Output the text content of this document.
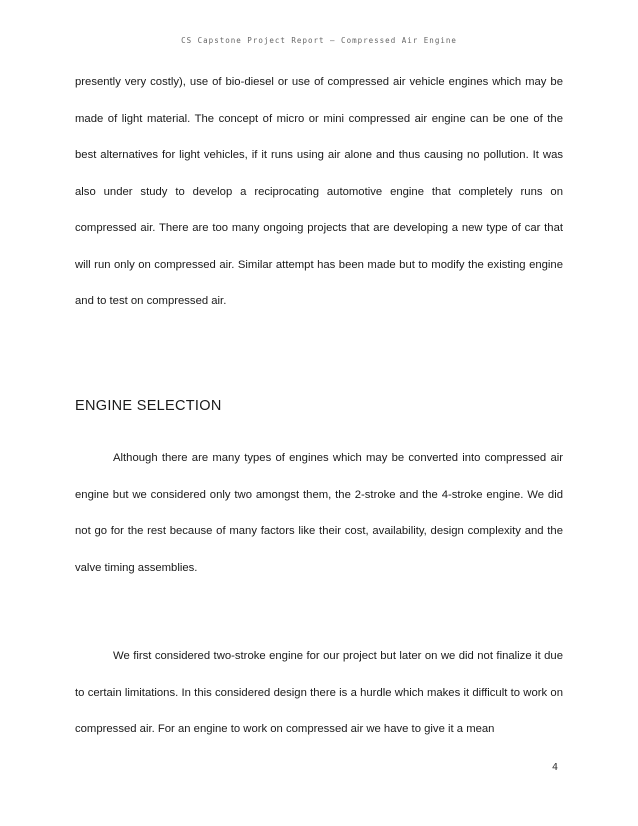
CS Capstone Project Report — Compressed Air Engine

presently very costly), use of bio-diesel or use of compressed air vehicle engines which may be made of light material. The concept of micro or mini compressed air engine can be one of the best alternatives for light vehicles, if it runs using air alone and thus causing no pollution. It was also under study to develop a reciprocating automotive engine that completely runs on compressed air. There are too many ongoing projects that are developing a new type of car that will run only on compressed air. Similar attempt has been made but to modify the existing engine and to test on compressed air.

ENGINE SELECTION

Although there are many types of engines which may be converted into compressed air engine but we considered only two amongst them, the 2-stroke and the 4-stroke engine. We did not go for the rest because of many factors like their cost, availability, design complexity and the valve timing assemblies.

We first considered two-stroke engine for our project but later on we did not finalize it due to certain limitations. In this considered design there is a hurdle which makes it difficult to work on compressed air. For an engine to work on compressed air we have to give it a mean

4
